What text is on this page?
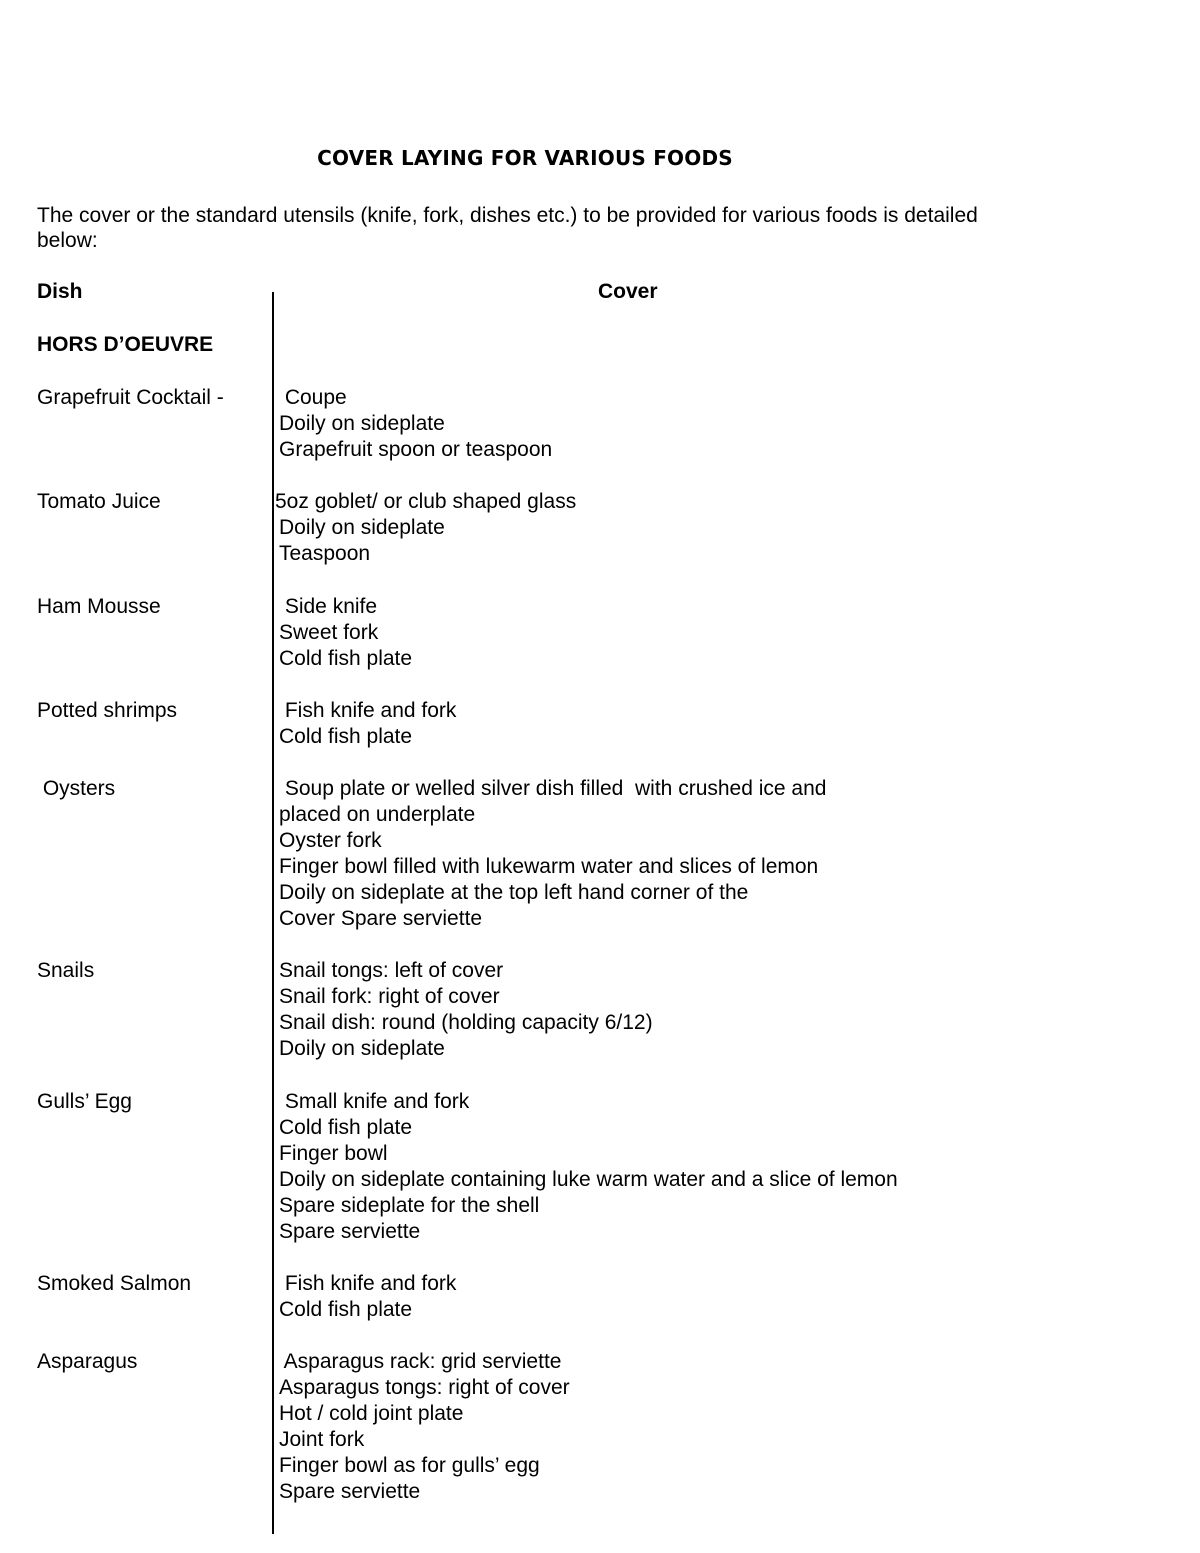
COVER LAYING FOR VARIOUS FOODS
The cover or the standard utensils (knife, fork, dishes etc.) to be provided for various foods is detailed below:
Dish	Cover
HORS D’OEUVRE
Grapefruit Cocktail -	Coupe
Doily on sideplate
Grapefruit spoon or teaspoon
Tomato Juice	5oz goblet/ or club shaped glass
Doily on sideplate
Teaspoon
Ham Mousse	Side knife
Sweet fork
Cold fish plate
Potted shrimps	Fish knife and fork
Cold fish plate
Oysters	Soup plate or welled silver dish filled  with crushed ice and
placed on underplate
Oyster fork
Finger bowl filled with lukewarm water and slices of lemon
Doily on sideplate at the top left hand corner of the
Cover Spare serviette
Snails	Snail tongs: left of cover
Snail fork: right of cover
Snail dish: round (holding capacity 6/12)
Doily on sideplate
Gulls’ Egg	Small knife and fork
Cold fish plate
Finger bowl
Doily on sideplate containing luke warm water and a slice of lemon
Spare sideplate for the shell
Spare serviette
Smoked Salmon	Fish knife and fork
Cold fish plate
Asparagus	Asparagus rack: grid serviette
Asparagus tongs: right of cover
Hot / cold joint plate
Joint fork
Finger bowl as for gulls’ egg
Spare serviette
